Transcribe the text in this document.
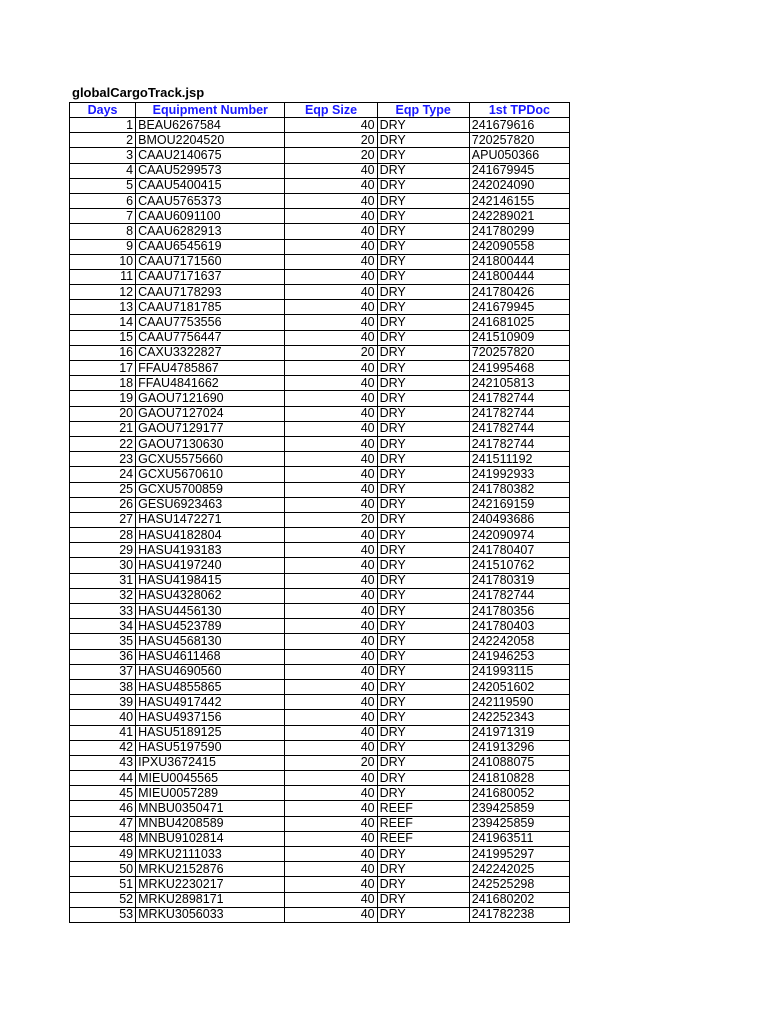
globalCargoTrack.jsp
Days	Equipment Number	Eqp Size	Eqp Type	1st TPDoc
1	BEAU6267584	40	DRY	241679616
2	BMOU2204520	20	DRY	720257820
3	CAAU2140675	20	DRY	APU050366
4	CAAU5299573	40	DRY	241679945
5	CAAU5400415	40	DRY	242024090
6	CAAU5765373	40	DRY	242146155
7	CAAU6091100	40	DRY	242289021
8	CAAU6282913	40	DRY	241780299
9	CAAU6545619	40	DRY	242090558
10	CAAU7171560	40	DRY	241800444
11	CAAU7171637	40	DRY	241800444
12	CAAU7178293	40	DRY	241780426
13	CAAU7181785	40	DRY	241679945
14	CAAU7753556	40	DRY	241681025
15	CAAU7756447	40	DRY	241510909
16	CAXU3322827	20	DRY	720257820
17	FFAU4785867	40	DRY	241995468
18	FFAU4841662	40	DRY	242105813
19	GAOU7121690	40	DRY	241782744
20	GAOU7127024	40	DRY	241782744
21	GAOU7129177	40	DRY	241782744
22	GAOU7130630	40	DRY	241782744
23	GCXU5575660	40	DRY	241511192
24	GCXU5670610	40	DRY	241992933
25	GCXU5700859	40	DRY	241780382
26	GESU6923463	40	DRY	242169159
27	HASU1472271	20	DRY	240493686
28	HASU4182804	40	DRY	242090974
29	HASU4193183	40	DRY	241780407
30	HASU4197240	40	DRY	241510762
31	HASU4198415	40	DRY	241780319
32	HASU4328062	40	DRY	241782744
33	HASU4456130	40	DRY	241780356
34	HASU4523789	40	DRY	241780403
35	HASU4568130	40	DRY	242242058
36	HASU4611468	40	DRY	241946253
37	HASU4690560	40	DRY	241993115
38	HASU4855865	40	DRY	242051602
39	HASU4917442	40	DRY	242119590
40	HASU4937156	40	DRY	242252343
41	HASU5189125	40	DRY	241971319
42	HASU5197590	40	DRY	241913296
43	IPXU3672415	20	DRY	241088075
44	MIEU0045565	40	DRY	241810828
45	MIEU0057289	40	DRY	241680052
46	MNBU0350471	40	REEF	239425859
47	MNBU4208589	40	REEF	239425859
48	MNBU9102814	40	REEF	241963511
49	MRKU2111033	40	DRY	241995297
50	MRKU2152876	40	DRY	242242025
51	MRKU2230217	40	DRY	242525298
52	MRKU2898171	40	DRY	241680202
53	MRKU3056033	40	DRY	241782238
